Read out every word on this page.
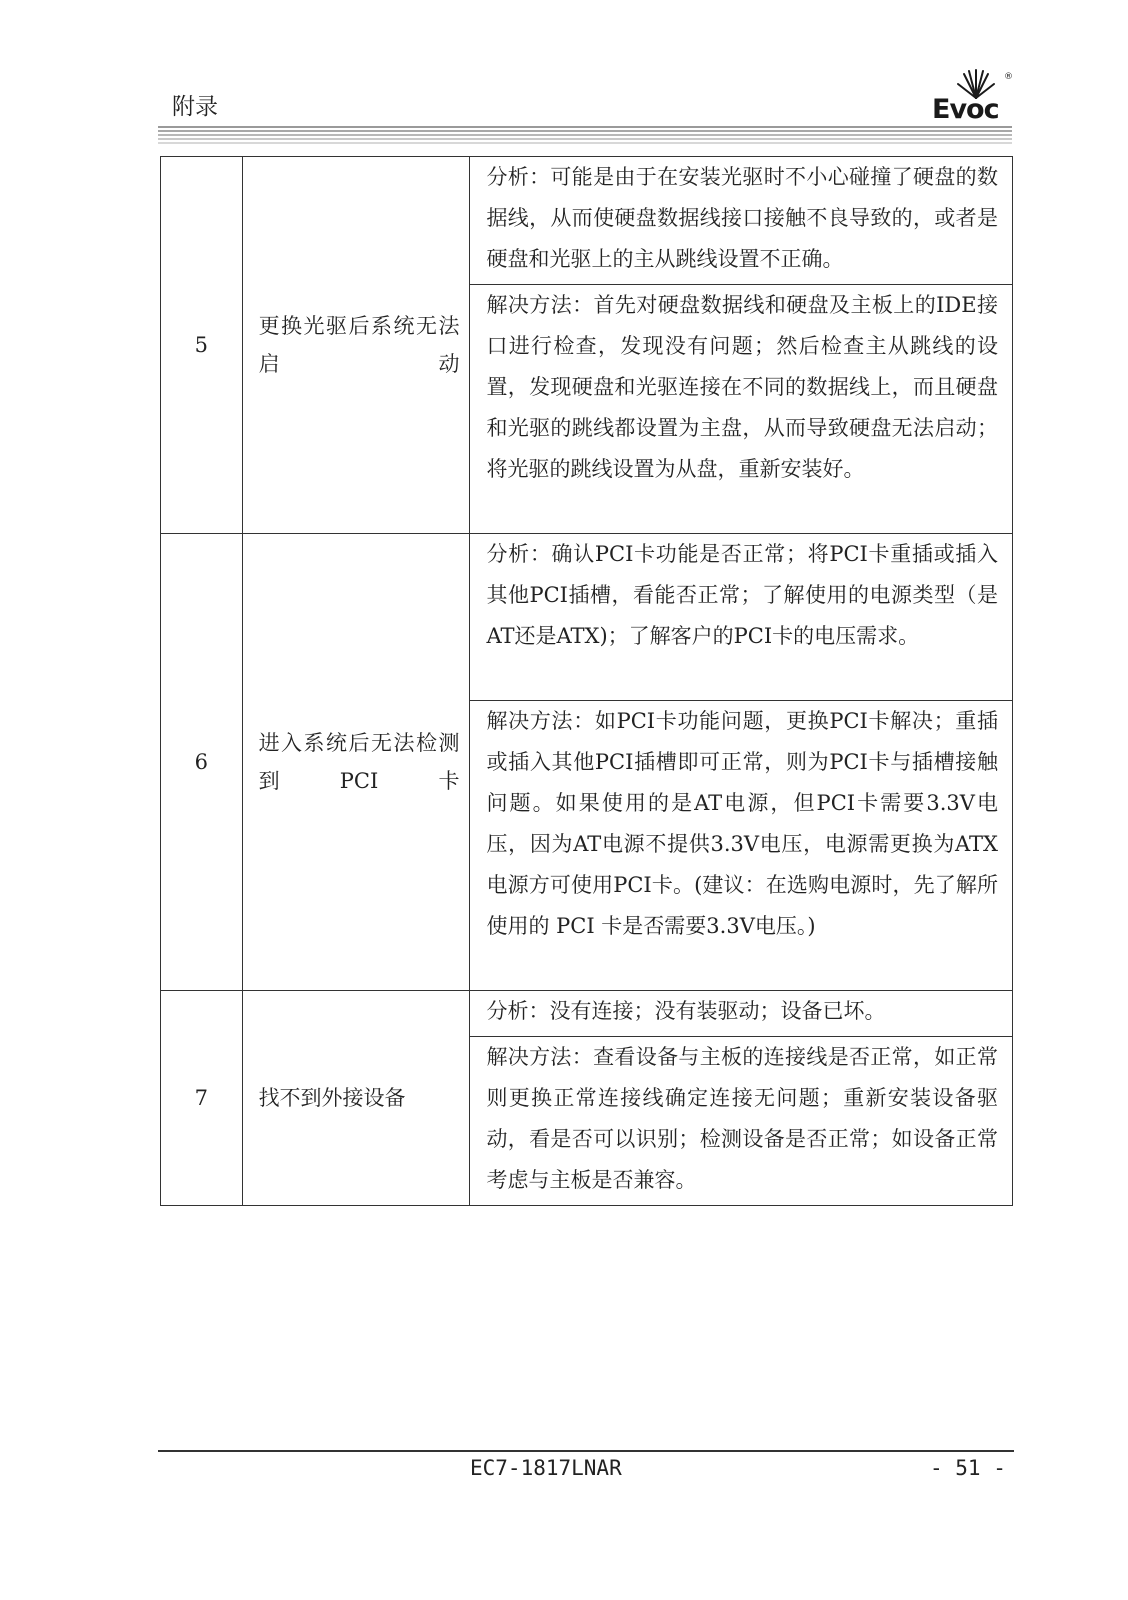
附录
®
Evoc
5	更换光驱后系统无法启动	分析：可能是由于在安装光驱时不小心碰撞了硬盘的数据线，从而使硬盘数据线接口接触不良导致的，或者是硬盘和光驱上的主从跳线设置不正确。
		解决方法：首先对硬盘数据线和硬盘及主板上的IDE接口进行检查，发现没有问题；然后检查主从跳线的设置，发现硬盘和光驱连接在不同的数据线上，而且硬盘和光驱的跳线都设置为主盘，从而导致硬盘无法启动；将光驱的跳线设置为从盘，重新安装好。
6	进入系统后无法检测到PCI卡	分析：确认PCI卡功能是否正常；将PCI卡重插或插入其他PCI插槽，看能否正常；了解使用的电源类型（是AT还是ATX)；了解客户的PCI卡的电压需求。
		解决方法：如PCI卡功能问题，更换PCI卡解决；重插或插入其他PCI插槽即可正常，则为PCI卡与插槽接触问题。如果使用的是AT电源，但PCI卡需要3.3V电压，因为AT电源不提供3.3V电压，电源需更换为ATX电源方可使用PCI卡。(建议：在选购电源时，先了解所使用的 PCI 卡是否需要3.3V电压。)
7	找不到外接设备	分析：没有连接；没有装驱动；设备已坏。
		解决方法：查看设备与主板的连接线是否正常，如正常则更换正常连接线确定连接无问题；重新安装设备驱动，看是否可以识别；检测设备是否正常；如设备正常考虑与主板是否兼容。
EC7-1817LNAR	- 51 -
